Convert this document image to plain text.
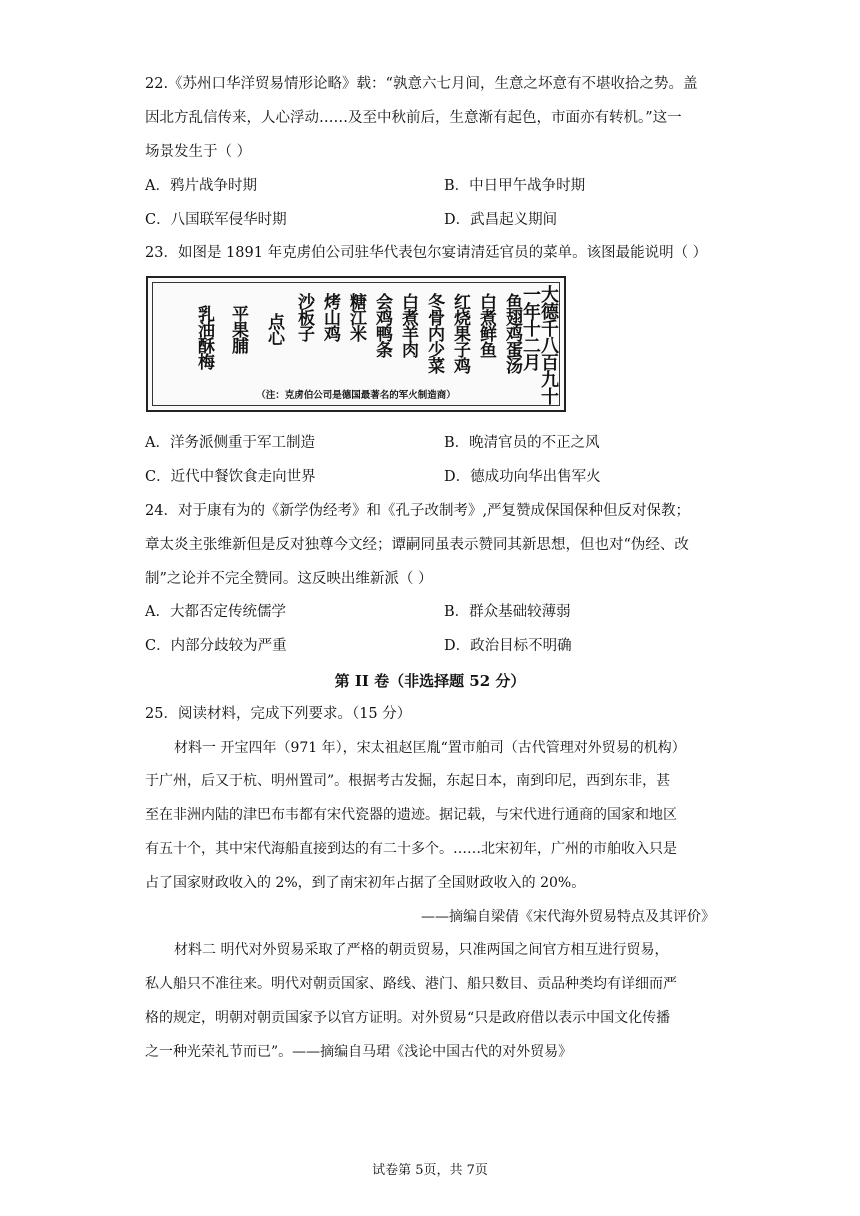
22.《苏州口华洋贸易情形论略》载：“孰意六七月间，生意之坏意有不堪收拾之势。盖
因北方乱信传来，人心浮动……及至中秋前后，生意渐有起色，市面亦有转机。”这一
场景发生于（ ）
A．鸦片战争时期	B．中日甲午战争时期
C．八国联军侵华时期	D．武昌起义期间
23．如图是 1891 年克虏伯公司驻华代表包尔宴请清廷官员的菜单。该图最能说明（ ）
大德千八百九十一年十二月
鱼翅鸡蛋汤
白煮鲜鱼
红烧果子鸡
冬骨内少菜
白煮羊肉
会鸡鸭条
糖江米
烤山鸡
沙板子
点心
平果脯
乳油酥梅
（注：克虏伯公司是德国最著名的军火制造商）
A．洋务派侧重于军工制造	B．晚清官员的不正之风
C．近代中餐饮食走向世界	D．德成功向华出售军火
24．对于康有为的《新学伪经考》和《孔子改制考》,严复赞成保国保种但反对保教；
章太炎主张维新但是反对独尊今文经；谭嗣同虽表示赞同其新思想，但也对“伪经、改
制”之论并不完全赞同。这反映出维新派（ ）
A．大都否定传统儒学	B．群众基础较薄弱
C．内部分歧较为严重	D．政治目标不明确
第 II 卷（非选择题 52 分）
25．阅读材料，完成下列要求。（15 分）
材料一 开宝四年（971 年），宋太祖赵匡胤“置市舶司（古代管理对外贸易的机构）
于广州，后又于杭、明州置司”。根据考古发掘，东起日本，南到印尼，西到东非，甚
至在非洲内陆的津巴布韦都有宋代瓷器的遗迹。据记载，与宋代进行通商的国家和地区
有五十个，其中宋代海船直接到达的有二十多个。……北宋初年，广州的市舶收入只是
占了国家财政收入的 2%，到了南宋初年占据了全国财政收入的 20%。
——摘编自梁倩《宋代海外贸易特点及其评价》
材料二 明代对外贸易采取了严格的朝贡贸易，只准两国之间官方相互进行贸易，
私人船只不准往来。明代对朝贡国家、路线、港门、船只数目、贡品种类均有详细而严
格的规定，明朝对朝贡国家予以官方证明。对外贸易“只是政府借以表示中国文化传播
之一种光荣礼节而已”。——摘编自马珺《浅论中国古代的对外贸易》
试卷第 5页，共 7页
